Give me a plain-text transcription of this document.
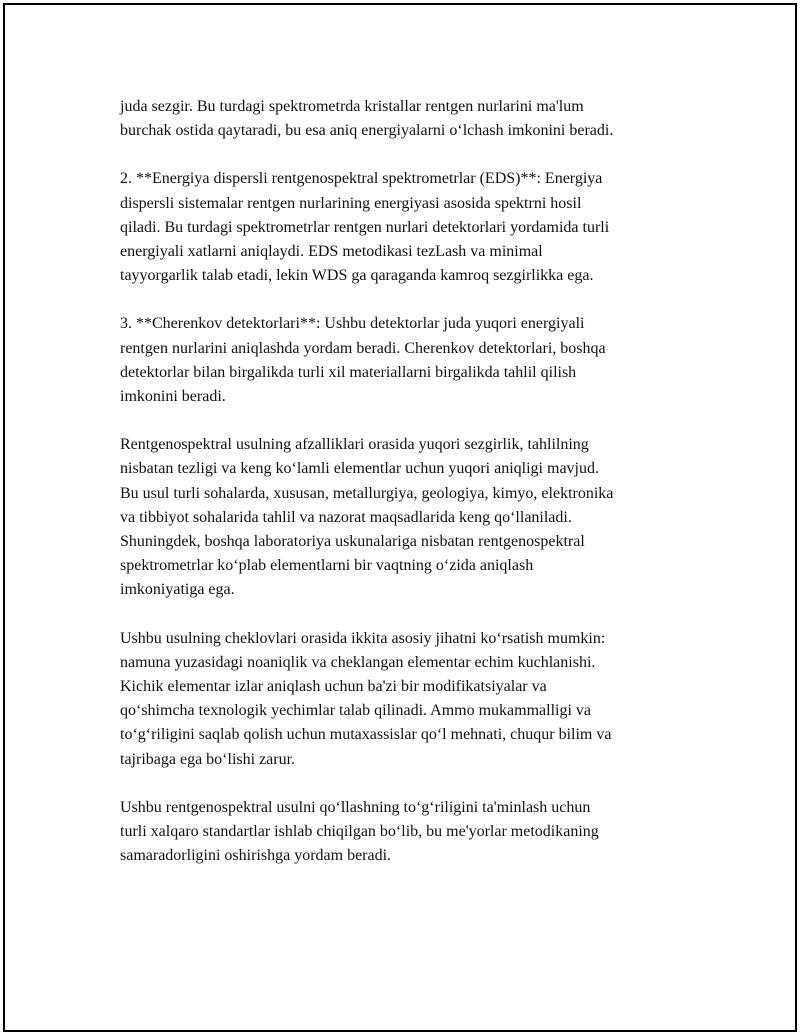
juda sezgir. Bu turdagi spektrometrda kristallar rentgen nurlarini ma'lum
burchak ostida qaytaradi, bu esa aniq energiyalarni oʻlchash imkonini beradi.

2. **Energiya dispersli rentgenospektral spektrometrlar (EDS)**: Energiya
dispersli sistemalar rentgen nurlarining energiyasi asosida spektrni hosil
qiladi. Bu turdagi spektrometrlar rentgen nurlari detektorlari yordamida turli
energiyali xatlarni aniqlaydi. EDS metodikasi tezLash va minimal
tayyorgarlik talab etadi, lekin WDS ga qaraganda kamroq sezgirlikka ega.

3. **Cherenkov detektorlari**: Ushbu detektorlar juda yuqori energiyali
rentgen nurlarini aniqlashda yordam beradi. Cherenkov detektorlari, boshqa
detektorlar bilan birgalikda turli xil materiallarni birgalikda tahlil qilish
imkonini beradi.

Rentgenospektral usulning afzalliklari orasida yuqori sezgirlik, tahlilning
nisbatan tezligi va keng koʻlamli elementlar uchun yuqori aniqligi mavjud.
Bu usul turli sohalarda, xususan, metallurgiya, geologiya, kimyo, elektronika
va tibbiyot sohalarida tahlil va nazorat maqsadlarida keng qoʻllaniladi.
Shuningdek, boshqa laboratoriya uskunalariga nisbatan rentgenospektral
spektrometrlar koʻplab elementlarni bir vaqtning oʻzida aniqlash
imkoniyatiga ega.

Ushbu usulning cheklovlari orasida ikkita asosiy jihatni koʻrsatish mumkin:
namuna yuzasidagi noaniqlik va cheklangan elementar echim kuchlanishi.
Kichik elementar izlar aniqlash uchun ba'zi bir modifikatsiyalar va
qoʻshimcha texnologik yechimlar talab qilinadi. Ammo mukammalligi va
toʻgʻriligini saqlab qolish uchun mutaxassislar qoʻl mehnati, chuqur bilim va
tajribaga ega boʻlishi zarur.

Ushbu rentgenospektral usulni qoʻllashning toʻgʻriligini ta'minlash uchun
turli xalqaro standartlar ishlab chiqilgan boʻlib, bu me'yorlar metodikaning
samaradorligini oshirishga yordam beradi.
